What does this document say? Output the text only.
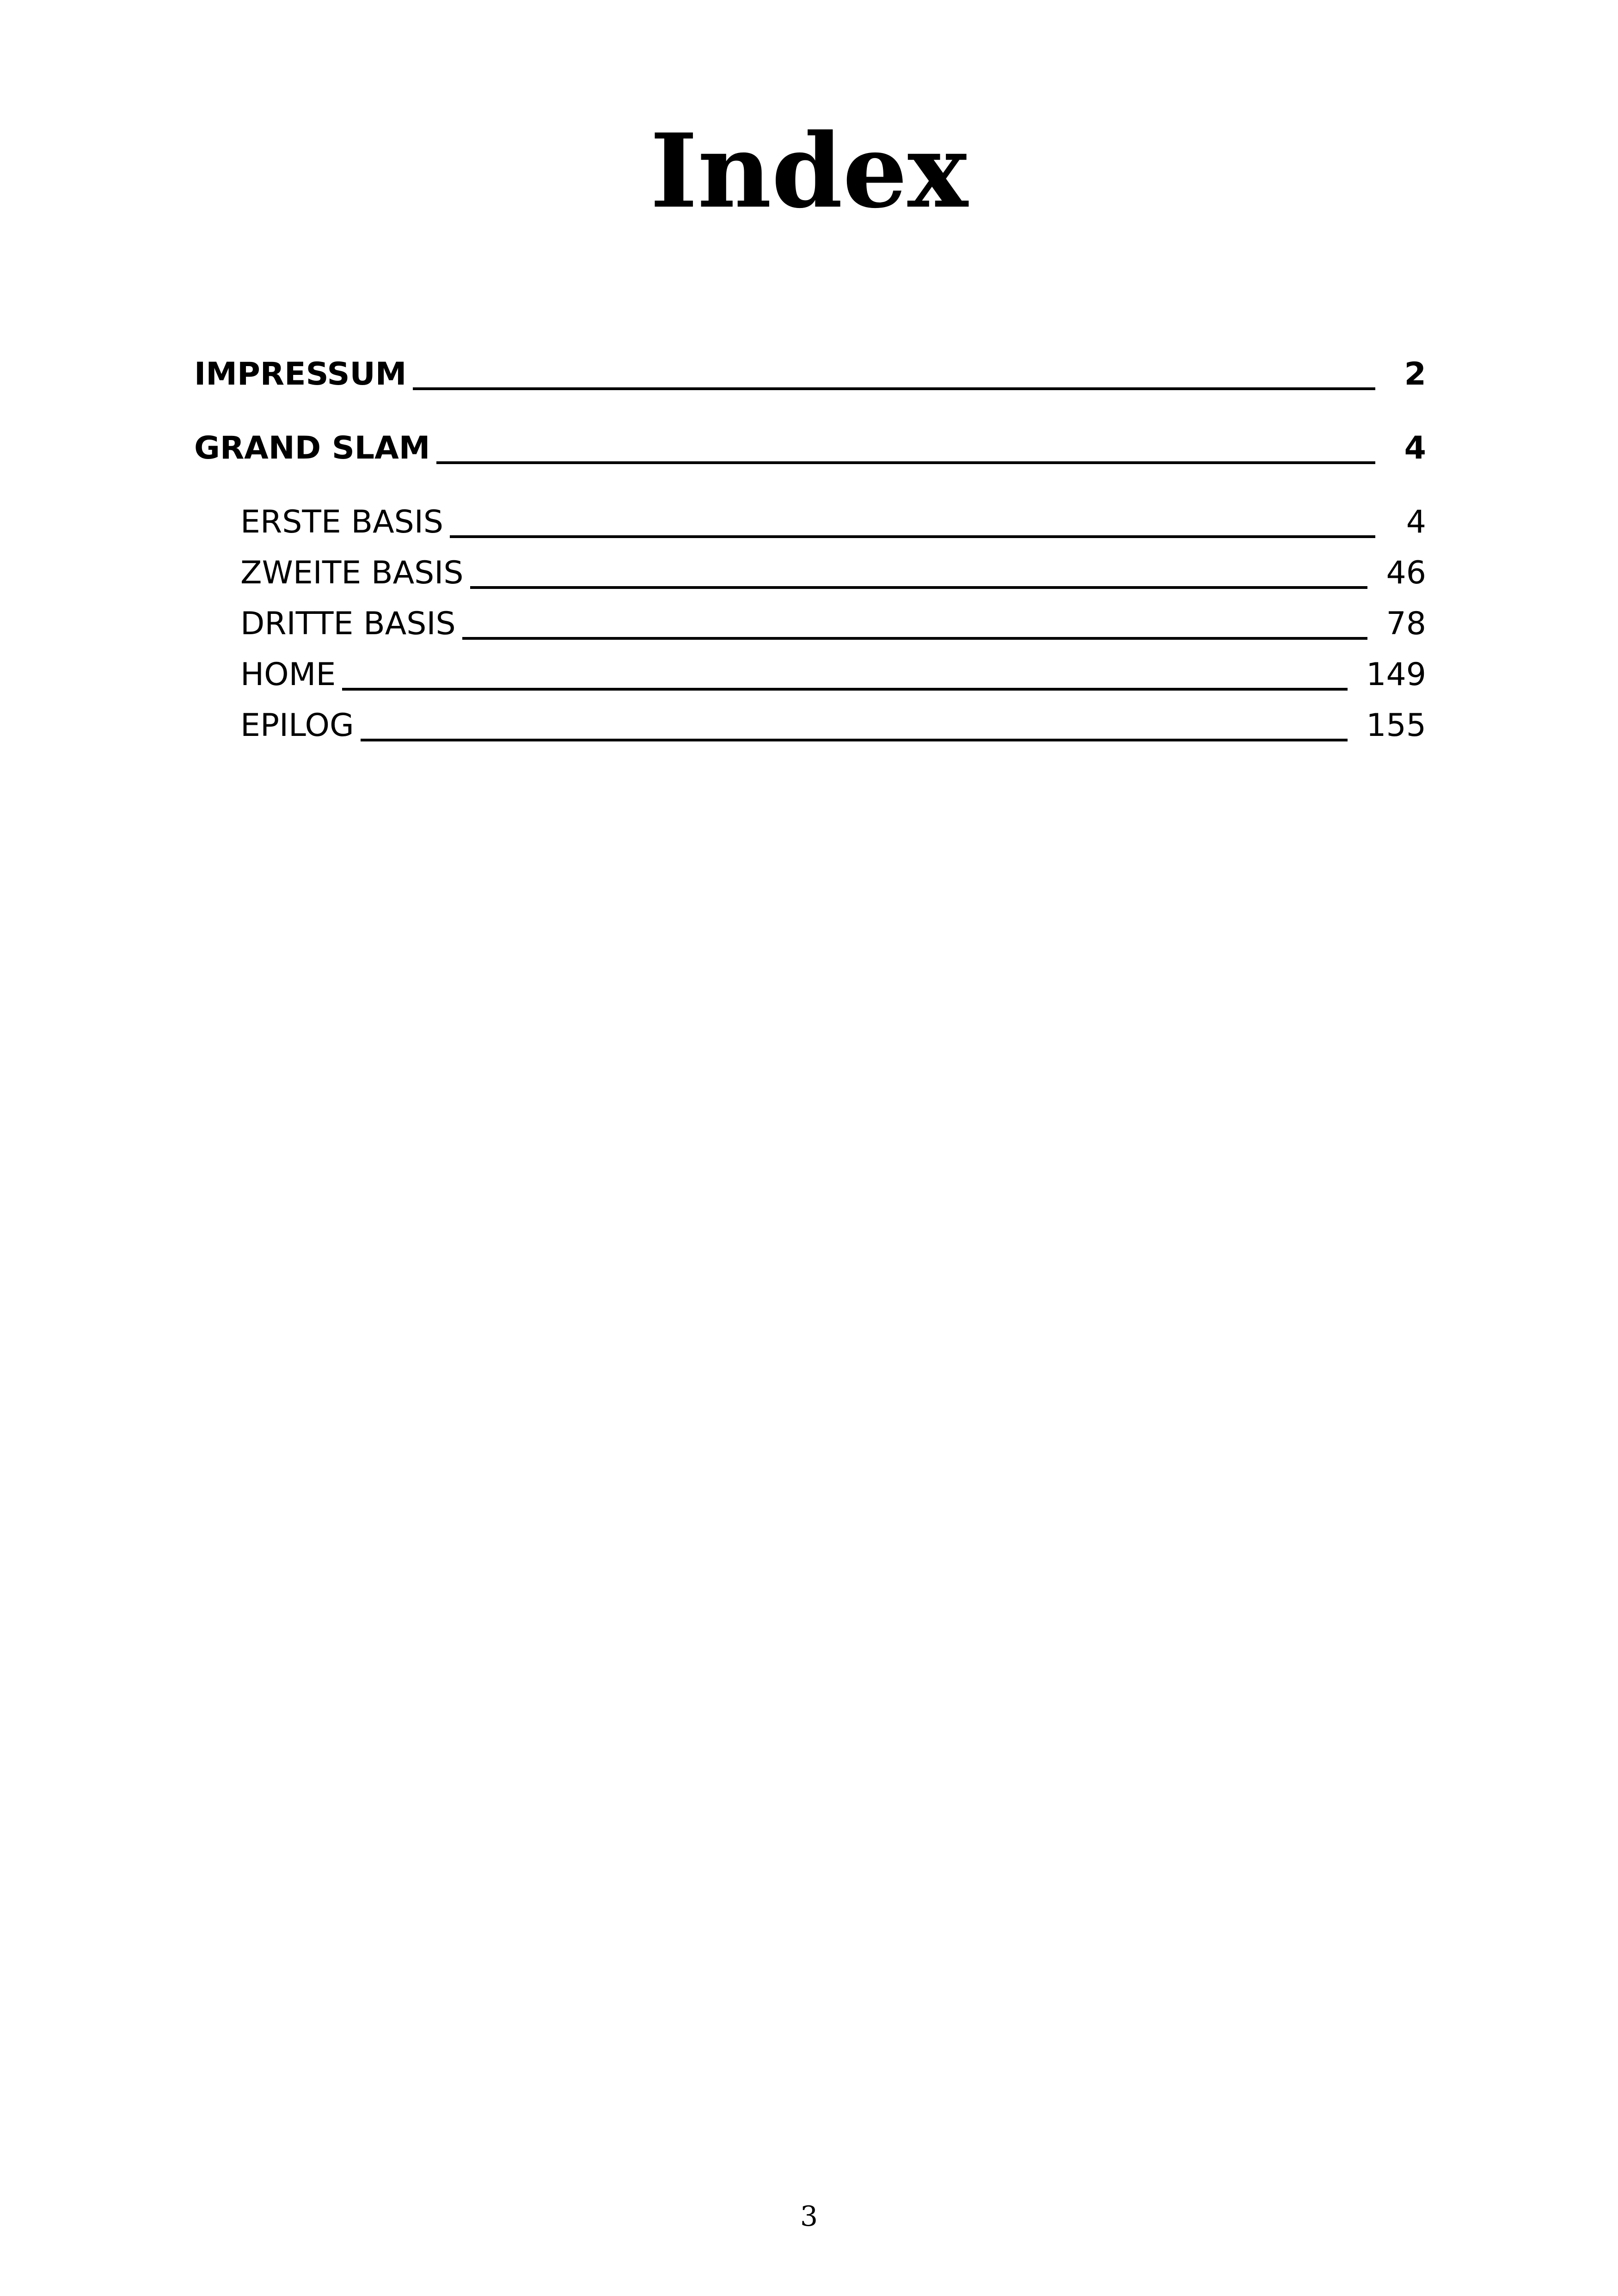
Index
IMPRESSUM	2
GRAND SLAM	4
ERSTE BASIS	4
ZWEITE BASIS	46
DRITTE BASIS	78
HOME	149
EPILOG	155
3
